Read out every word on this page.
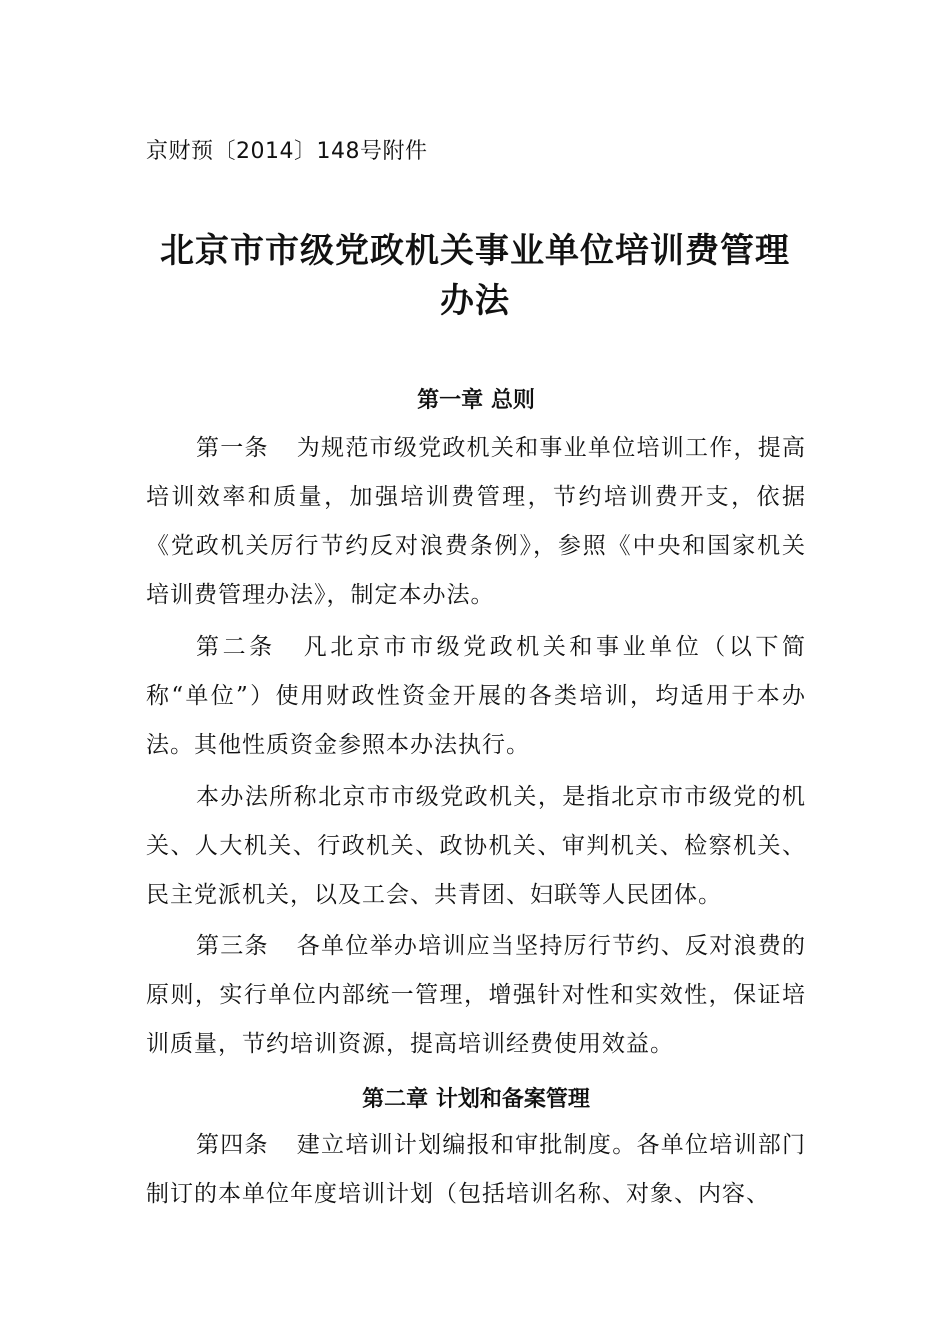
京财预〔2014〕148号附件
北京市市级党政机关事业单位培训费管理
办法
第一章 总则
第一条 为规范市级党政机关和事业单位培训工作，提高培训效率和质量，加强培训费管理，节约培训费开支，依据《党政机关厉行节约反对浪费条例》，参照《中央和国家机关培训费管理办法》，制定本办法。
第二条 凡北京市市级党政机关和事业单位（以下简称“单位”）使用财政性资金开展的各类培训，均适用于本办法。其他性质资金参照本办法执行。
本办法所称北京市市级党政机关，是指北京市市级党的机关、人大机关、行政机关、政协机关、审判机关、检察机关、民主党派机关，以及工会、共青团、妇联等人民团体。
第三条 各单位举办培训应当坚持厉行节约、反对浪费的原则，实行单位内部统一管理，增强针对性和实效性，保证培训质量，节约培训资源，提高培训经费使用效益。
第二章 计划和备案管理
第四条 建立培训计划编报和审批制度。各单位培训部门制订的本单位年度培训计划（包括培训名称、对象、内容、
